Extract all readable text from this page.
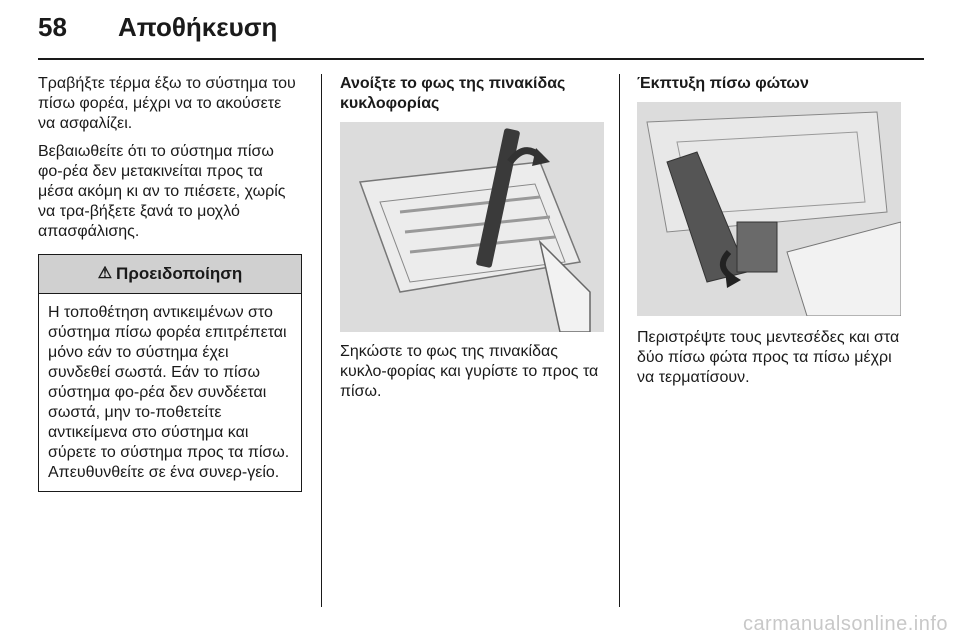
58	Αποθήκευση

Τραβήξτε τέρμα έξω το σύστημα του πίσω φορέα, μέχρι να το ακούσετε να ασφαλίζει.

Βεβαιωθείτε ότι το σύστημα πίσω φο-ρέα δεν μετακινείται προς τα μέσα ακόμη κι αν το πιέσετε, χωρίς να τρα-βήξετε ξανά το μοχλό απασφάλισης.

⚠ Προειδοποίηση
Η τοποθέτηση αντικειμένων στο σύστημα πίσω φορέα επιτρέπεται μόνο εάν το σύστημα έχει συνδεθεί σωστά. Εάν το πίσω σύστημα φο-ρέα δεν συνδέεται σωστά, μην το-ποθετείτε αντικείμενα στο σύστημα και σύρετε το σύστημα προς τα πίσω. Απευθυνθείτε σε ένα συνερ-γείο.

Ανοίξτε το φως της πινακίδας κυκλοφορίας

Σηκώστε το φως της πινακίδας κυκλο-φορίας και γυρίστε το προς τα πίσω.

Έκπτυξη πίσω φώτων

Περιστρέψτε τους μεντεσέδες και στα δύο πίσω φώτα προς τα πίσω μέχρι να τερματίσουν.

carmanualsonline.info
